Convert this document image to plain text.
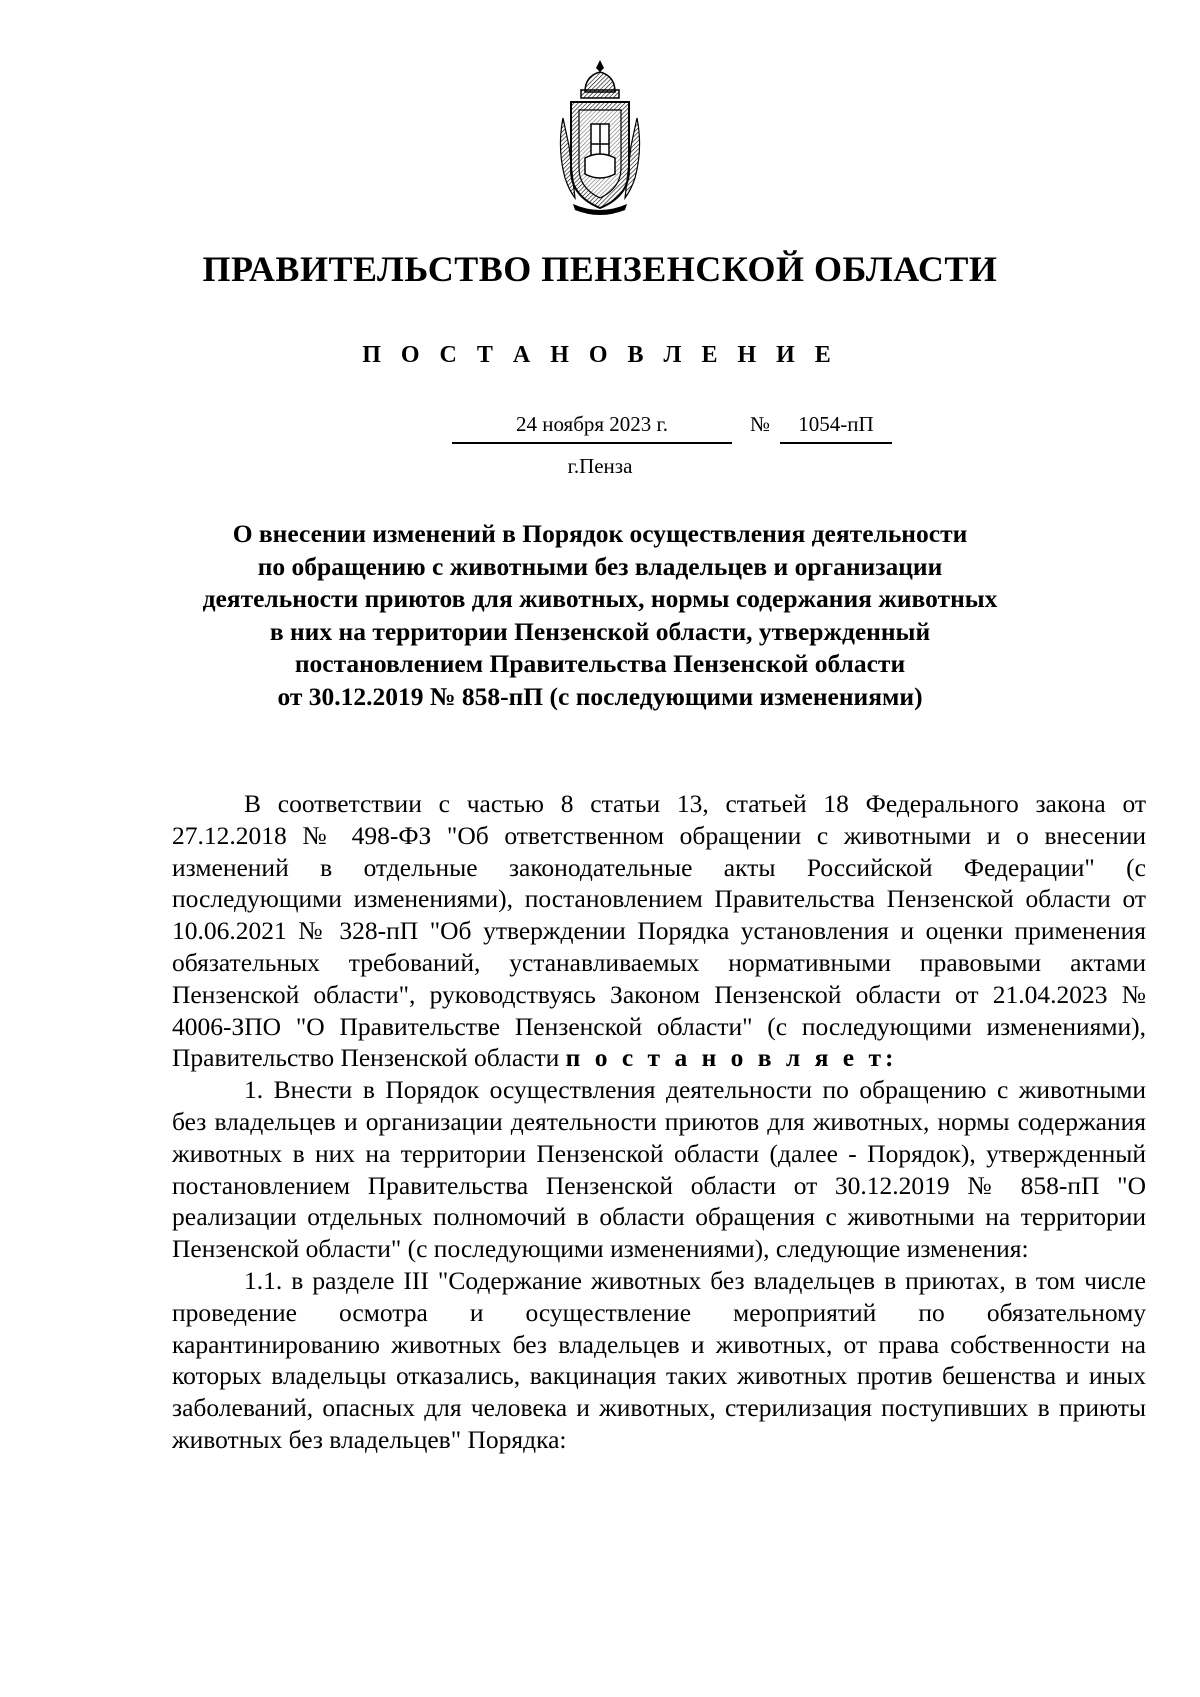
ПРАВИТЕЛЬСТВО ПЕНЗЕНСКОЙ ОБЛАСТИ
П О С Т А Н О В Л Е Н И Е
24 ноября 2023 г.	№	1054-пП
г.Пенза
О внесении изменений в Порядок осуществления деятельности
по обращению с животными без владельцев и организации
деятельности приютов для животных, нормы содержания животных
в них на территории Пензенской области, утвержденный
постановлением Правительства Пензенской области
от 30.12.2019 № 858-пП (с последующими изменениями)

В соответствии с частью 8 статьи 13, статьей 18 Федерального закона от 27.12.2018 № 498-ФЗ "Об ответственном обращении с животными и о внесении изменений в отдельные законодательные акты Российской Федерации" (с последующими изменениями), постановлением Правительства Пензенской области от 10.06.2021 № 328-пП "Об утверждении Порядка установления и оценки применения обязательных требований, устанавливаемых нормативными правовыми актами Пензенской области", руководствуясь Законом Пензенской области от 21.04.2023 № 4006-ЗПО "О Правительстве Пензенской области" (с последующими изменениями), Правительство Пензенской области п о с т а н о в л я е т:

1. Внести в Порядок осуществления деятельности по обращению с животными без владельцев и организации деятельности приютов для животных, нормы содержания животных в них на территории Пензенской области (далее - Порядок), утвержденный постановлением Правительства Пензенской области от 30.12.2019 № 858-пП "О реализации отдельных полномочий в области обращения с животными на территории Пензенской области" (с последующими изменениями), следующие изменения:

1.1. в разделе III "Содержание животных без владельцев в приютах, в том числе проведение осмотра и осуществление мероприятий по обязательному карантинированию животных без владельцев и животных, от права собственности на которых владельцы отказались, вакцинация таких животных против бешенства и иных заболеваний, опасных для человека и животных, стерилизация поступивших в приюты животных без владельцев" Порядка:
